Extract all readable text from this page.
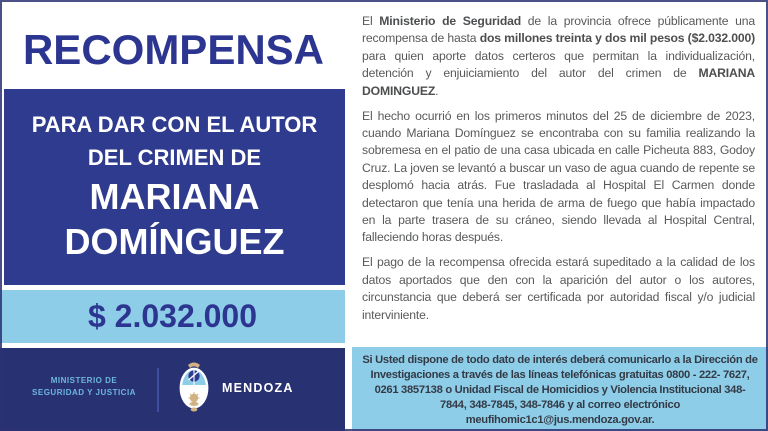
RECOMPENSA
PARA DAR CON EL AUTOR
DEL CRIMEN DE
MARIANA
DOMÍNGUEZ
$ 2.032.000
MINISTERIO DE
SEGURIDAD Y JUSTICIA	MENDOZA

El Ministerio de Seguridad de la provincia ofrece públicamente una recompensa de hasta dos millones treinta y dos mil pesos ($2.032.000) para quien aporte datos certeros que permitan la individualización, detención y enjuiciamiento del autor del crimen de MARIANA DOMINGUEZ.

El hecho ocurrió en los primeros minutos del 25 de diciembre de 2023, cuando Mariana Domínguez se encontraba con su familia realizando la sobremesa en el patio de una casa ubicada en calle Picheuta 883, Godoy Cruz. La joven se levantó a buscar un vaso de agua cuando de repente se desplomó hacia atrás. Fue trasladada al Hospital El Carmen donde detectaron que tenía una herida de arma de fuego que había impactado en la parte trasera de su cráneo, siendo llevada al Hospital Central, falleciendo horas después.

El pago de la recompensa ofrecida estará supeditado a la calidad de los datos aportados que den con la aparición del autor o los autores, circunstancia que deberá ser certificada por autoridad fiscal y/o judicial interviniente.

Si Usted dispone de todo dato de interés deberá comunicarlo a la Dirección de Investigaciones a través de las líneas telefónicas gratuitas 0800 - 222- 7627, 0261 3857138 o Unidad Fiscal de Homicidios y Violencia Institucional 348-7844, 348-7845, 348-7846 y al correo electrónico meufihomic1c1@jus.mendoza.gov.ar.
